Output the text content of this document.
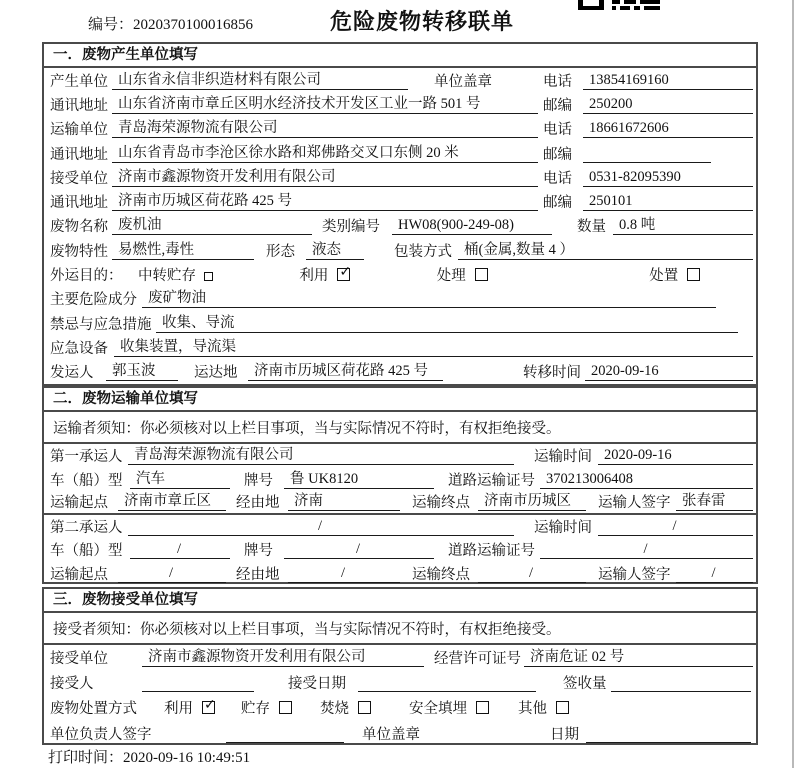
编号：2020370100016856	危险废物转移联单
一．废物产生单位填写
产生单位 山东省永信非织造材料有限公司	单位盖章	电话	13854169160
通讯地址 山东省济南市章丘区明水经济技术开发区工业一路 501 号	邮编	250200
运输单位 青岛海荣源物流有限公司	电话	18661672606
通讯地址 山东省青岛市李沧区徐水路和郑佛路交叉口东侧 20 米	邮编
接受单位 济南市鑫源物资开发利用有限公司	电话	0531-82095390
通讯地址 济南市历城区荷花路 425 号	邮编	250101
废物名称 废机油	类别编号	HW08(900-249-08)	数量 0.8 吨
废物特性 易燃性,毒性	形态	液态	包装方式 桶(金属,数量 4 ）
外运目的： 中转贮存	利用 ✓	处理	处置
主要危险成分 废矿物油
禁忌与应急措施 收集、导流
应急设备 收集装置，导流渠
发运人	郭玉波	运达地	济南市历城区荷花路 425 号	转移时间 2020-09-16
二．废物运输单位填写
运输者须知：你必须核对以上栏目事项，当与实际情况不符时，有权拒绝接受。
第一承运人 青岛海荣源物流有限公司	运输时间 2020-09-16
车（船）型 汽车	牌号	鲁 UK8120	道路运输证号 370213006408
运输起点	济南市章丘区	经由地	济南	运输终点 济南市历城区	运输人签字 张春雷
第二承运人	/	运输时间	/
车（船）型	/	牌号	/	道路运输证号	/
运输起点	/	经由地	/	运输终点	/	运输人签字	/
三．废物接受单位填写
接受者须知：你必须核对以上栏目事项，当与实际情况不符时，有权拒绝接受。
接受单位	济南市鑫源物资开发利用有限公司	经营许可证号 济南危证 02 号
接受人	接受日期	签收量
废物处置方式	利用 ✓	贮存	焚烧	安全填埋	其他
单位负责人签字	单位盖章	日期
打印时间：2020-09-16 10:49:51
